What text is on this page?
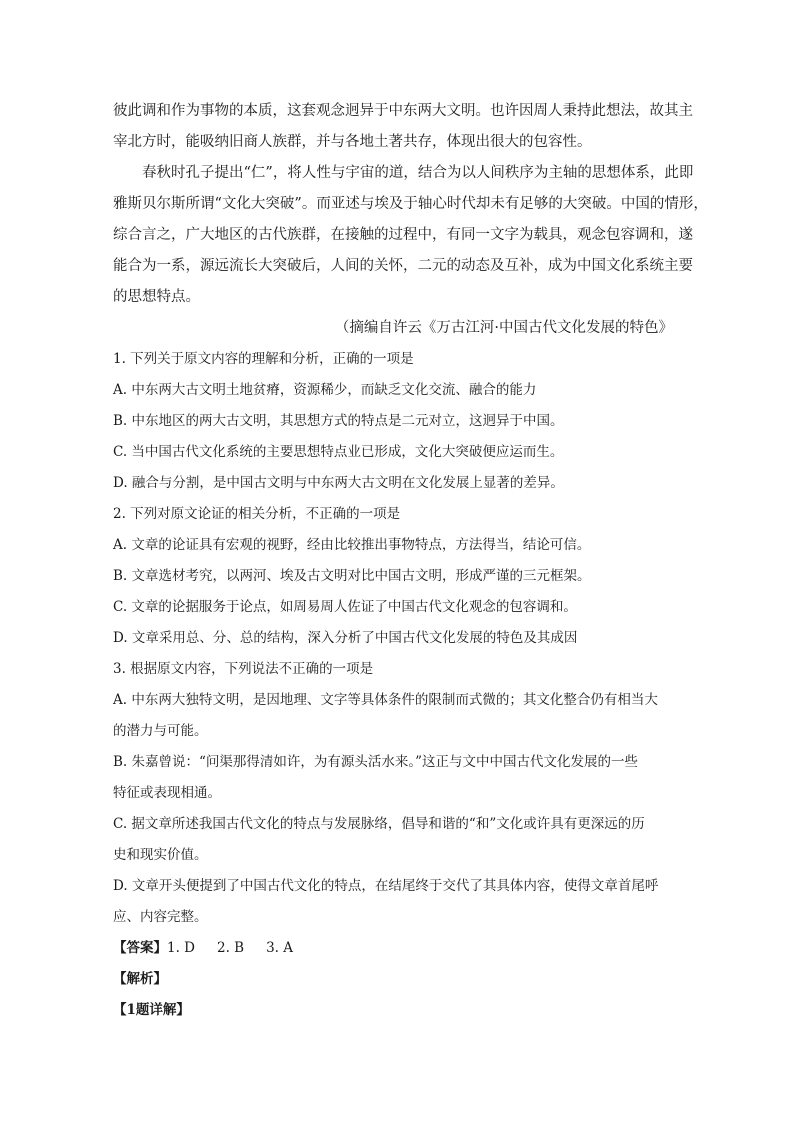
彼此调和作为事物的本质，这套观念迥异于中东两大文明。也许因周人秉持此想法，故其主
宰北方时，能吸纳旧商人族群，并与各地土著共存，体现出很大的包容性。
春秋时孔子提出“仁”，将人性与宇宙的道，结合为以人间秩序为主轴的思想体系，此即
雅斯贝尔斯所谓“文化大突破”。而亚述与埃及于轴心时代却未有足够的大突破。中国的情形，
综合言之，广大地区的古代族群，在接触的过程中，有同一文字为载具，观念包容调和，遂
能合为一系，源远流长大突破后，人间的关怀，二元的动态及互补，成为中国文化系统主要
的思想特点。
（摘编自许云《万古江河·中国古代文化发展的特色》
1. 下列关于原文内容的理解和分析，正确的一项是
A. 中东两大古文明土地贫瘠，资源稀少，而缺乏文化交流、融合的能力
B. 中东地区的两大古文明，其思想方式的特点是二元对立，这迥异于中国。
C. 当中国古代文化系统的主要思想特点业已形成，文化大突破便应运而生。
D. 融合与分割，是中国古文明与中东两大古文明在文化发展上显著的差异。
2. 下列对原文论证的相关分析，不正确的一项是
A. 文章的论证具有宏观的视野，经由比较推出事物特点，方法得当，结论可信。
B. 文章选材考究，以两河、埃及古文明对比中国古文明，形成严谨的三元框架。
C. 文章的论据服务于论点，如周易周人佐证了中国古代文化观念的包容调和。
D. 文章采用总、分、总的结构，深入分析了中国古代文化发展的特色及其成因
3. 根据原文内容，下列说法不正确的一项是
A. 中东两大独特文明，是因地理、文字等具体条件的限制而式微的；其文化整合仍有相当大
的潜力与可能。
B. 朱嘉曾说：“问渠那得清如许，为有源头活水来。”这正与文中中国古代文化发展的一些
特征或表现相通。
C. 据文章所述我国古代文化的特点与发展脉络，倡导和谐的“和”文化或许具有更深远的历
史和现实价值。
D. 文章开头便提到了中国古代文化的特点，在结尾终于交代了其具体内容，使得文章首尾呼
应、内容完整。
【答案】1. D 2. B 3. A
【解析】
【1题详解】
